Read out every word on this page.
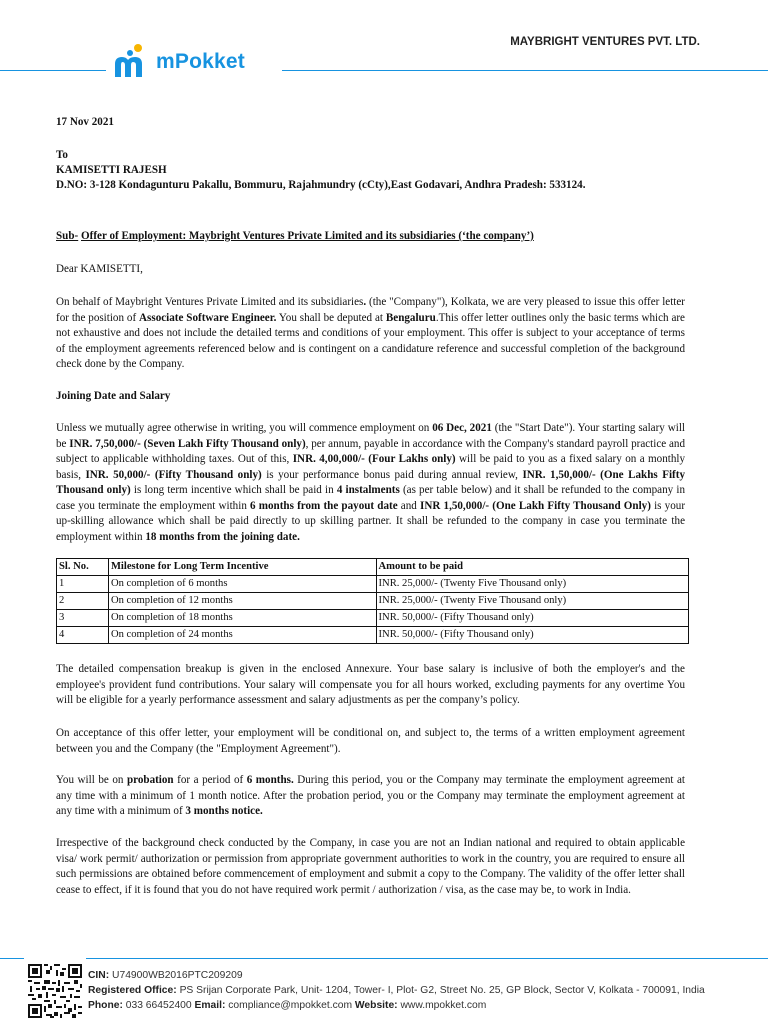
mPokket
MAYBRIGHT VENTURES PVT. LTD.
17 Nov 2021
To
KAMISETTI RAJESH
D.NO: 3-128 Kondagunturu Pakallu, Bommuru, Rajahmundry (cCty),East Godavari, Andhra Pradesh: 533124.
Sub- Offer of Employment: Maybright Ventures Private Limited and its subsidiaries (‘the company’)
Dear KAMISETTI,
On behalf of Maybright Ventures Private Limited and its subsidiaries. (the "Company"), Kolkata, we are very pleased to issue this offer letter for the position of Associate Software Engineer. You shall be deputed at Bengaluru.This offer letter outlines only the basic terms which are not exhaustive and does not include the detailed terms and conditions of your employment. This offer is subject to your acceptance of terms of the employment agreements referenced below and is contingent on a candidature reference and successful completion of the background check done by the Company.
Joining Date and Salary
Unless we mutually agree otherwise in writing, you will commence employment on 06 Dec, 2021 (the "Start Date"). Your starting salary will be INR. 7,50,000/- (Seven Lakh Fifty Thousand only), per annum, payable in accordance with the Company's standard payroll practice and subject to applicable withholding taxes. Out of this, INR. 4,00,000/- (Four Lakhs only) will be paid to you as a fixed salary on a monthly basis, INR. 50,000/- (Fifty Thousand only) is your performance bonus paid during annual review, INR. 1,50,000/- (One Lakhs Fifty Thousand only) is long term incentive which shall be paid in 4 instalments (as per table below) and it shall be refunded to the company in case you terminate the employment within 6 months from the payout date and INR 1,50,000/- (One Lakh Fifty Thousand Only) is your up-skilling allowance which shall be paid directly to up skilling partner. It shall be refunded to the company in case you terminate the employment within 18 months from the joining date.
The detailed compensation breakup is given in the enclosed Annexure. Your base salary is inclusive of both the employer's and the employee's provident fund contributions. Your salary will compensate you for all hours worked, excluding payments for any overtime You will be eligible for a yearly performance assessment and salary adjustments as per the company’s policy.
On acceptance of this offer letter, your employment will be conditional on, and subject to, the terms of a written employment agreement between you and the Company (the "Employment Agreement").
You will be on probation for a period of 6 months. During this period, you or the Company may terminate the employment agreement at any time with a minimum of 1 month notice. After the probation period, you or the Company may terminate the employment agreement at any time with a minimum of 3 months notice.
Irrespective of the background check conducted by the Company, in case you are not an Indian national and required to obtain applicable visa/ work permit/ authorization or permission from appropriate government authorities to work in the country, you are required to ensure all such permissions are obtained before commencement of employment and submit a copy to the Company. The validity of the offer letter shall cease to effect, if it is found that you do not have required work permit / authorization / visa, as the case may be, to work in India.
Sl. No.	Milestone for Long Term Incentive	Amount to be paid
1	On completion of 6 months	INR. 25,000/- (Twenty Five Thousand only)
2	On completion of 12 months	INR. 25,000/- (Twenty Five Thousand only)
3	On completion of 18 months	INR. 50,000/- (Fifty Thousand only)
4	On completion of 24 months	INR. 50,000/- (Fifty Thousand only)
CIN: U74900WB2016PTC209209
Registered Office: PS Srijan Corporate Park, Unit- 1204, Tower- I, Plot- G2, Street No. 25, GP Block, Sector V, Kolkata - 700091, India
Phone: 033 66452400 Email: compliance@mpokket.com Website: www.mpokket.com
